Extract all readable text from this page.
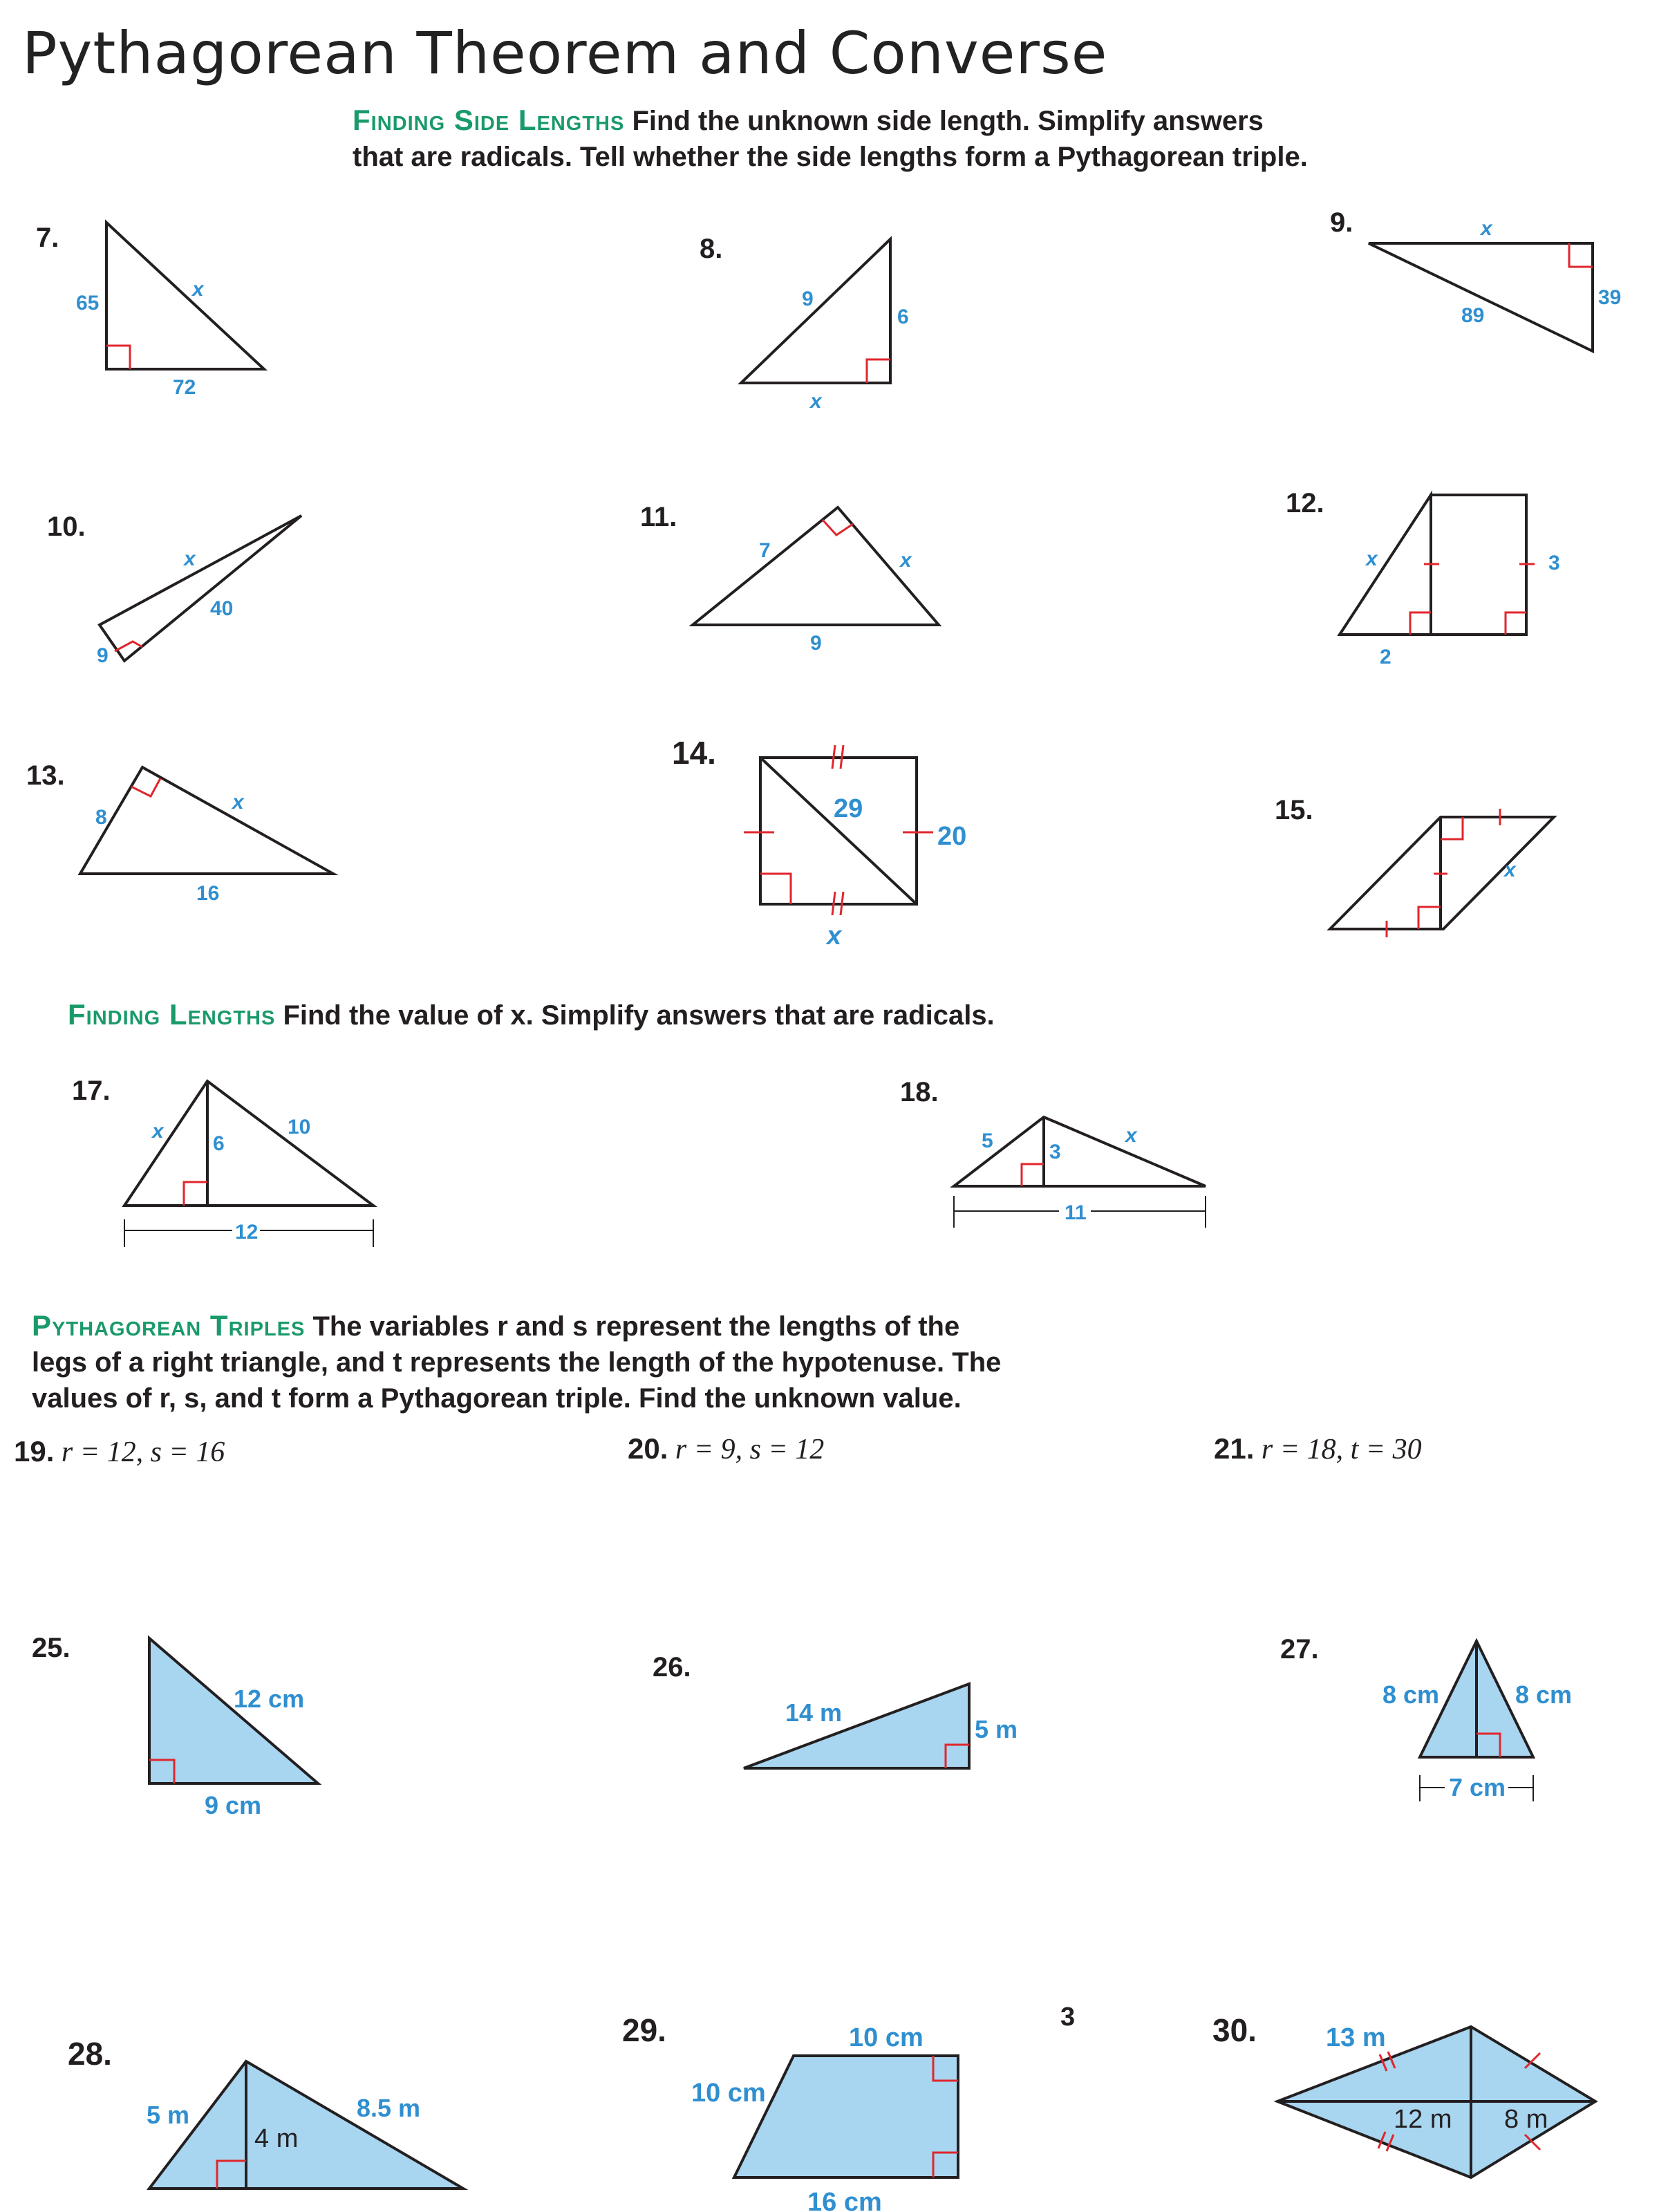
Pythagorean Theorem and Converse
Finding Side Lengths Find the unknown side length. Simplify answers
that are radicals. Tell whether the side lengths form a Pythagorean triple.
Finding Lengths Find the value of x. Simplify answers that are radicals.
Pythagorean Triples The variables r and s represent the lengths of the
legs of a right triangle, and t represents the length of the hypotenuse. The
values of r, s, and t form a Pythagorean triple. Find the unknown value.
7.	8.
9.
10.	11.	12.
13.
14.
15.
17.	18.
19. r = 12, s = 16	20. r = 9, s = 12	21. r = 18, t = 30
25.
26.
27.
28.
29.	30.
65
x
72
9
6
x
x
89
39
x
40
9
7	x
9
x	3
2
8
x
16
29
20
x
x
x
6
10
12
5	3
x
11
12 cm
9 cm
14 m
5 m
8 cm	8 cm
7 cm
5 m	8.5 m
4 m
10 cm
10 cm
16 cm
3
13 m
12 m 8 m
